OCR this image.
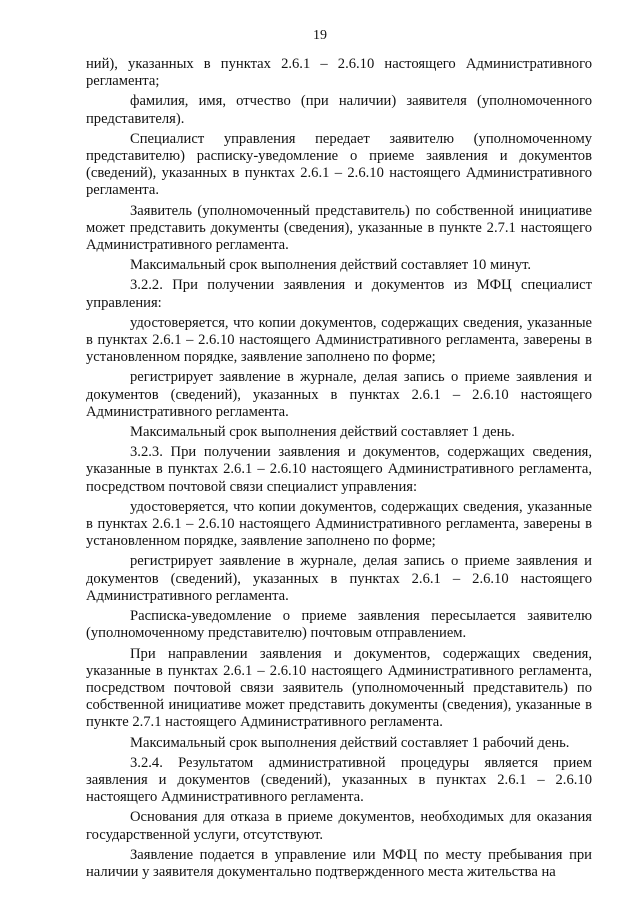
19

ний), указанных в пунктах 2.6.1 – 2.6.10 настоящего Административного регламента;

фамилия, имя, отчество (при наличии) заявителя (уполномоченного представителя).

Специалист управления передает заявителю (уполномоченному представителю) расписку-уведомление о приеме заявления и документов (сведений), указанных в пунктах 2.6.1 – 2.6.10 настоящего Административного регламента.

Заявитель (уполномоченный представитель) по собственной инициативе может представить документы (сведения), указанные в пункте 2.7.1 настоящего Административного регламента.

Максимальный срок выполнения действий составляет 10 минут.

3.2.2. При получении заявления и документов из МФЦ специалист управления:

удостоверяется, что копии документов, содержащих сведения, указанные в пунктах 2.6.1 – 2.6.10 настоящего Административного регламента, заверены в установленном порядке, заявление заполнено по форме;

регистрирует заявление в журнале, делая запись о приеме заявления и документов (сведений), указанных в пунктах 2.6.1 – 2.6.10 настоящего Административного регламента.

Максимальный срок выполнения действий составляет 1 день.

3.2.3. При получении заявления и документов, содержащих сведения, указанные в пунктах 2.6.1 – 2.6.10 настоящего Административного регламента, посредством почтовой связи специалист управления:

удостоверяется, что копии документов, содержащих сведения, указанные в пунктах 2.6.1 – 2.6.10 настоящего Административного регламента, заверены в установленном порядке, заявление заполнено по форме;

регистрирует заявление в журнале, делая запись о приеме заявления и документов (сведений), указанных в пунктах 2.6.1 – 2.6.10 настоящего Административного регламента.

Расписка-уведомление о приеме заявления пересылается заявителю (уполномоченному представителю) почтовым отправлением.

При направлении заявления и документов, содержащих сведения, указанные в пунктах 2.6.1 – 2.6.10 настоящего Административного регламента, посредством почтовой связи заявитель (уполномоченный представитель) по собственной инициативе может представить документы (сведения), указанные в пункте 2.7.1 настоящего Административного регламента.

Максимальный срок выполнения действий составляет 1 рабочий день.

3.2.4. Результатом административной процедуры является прием заявления и документов (сведений), указанных в пунктах 2.6.1 – 2.6.10 настоящего Административного регламента.

Основания для отказа в приеме документов, необходимых для оказания государственной услуги, отсутствуют.

Заявление подается в управление или МФЦ по месту пребывания при наличии у заявителя документально подтвержденного места жительства на
